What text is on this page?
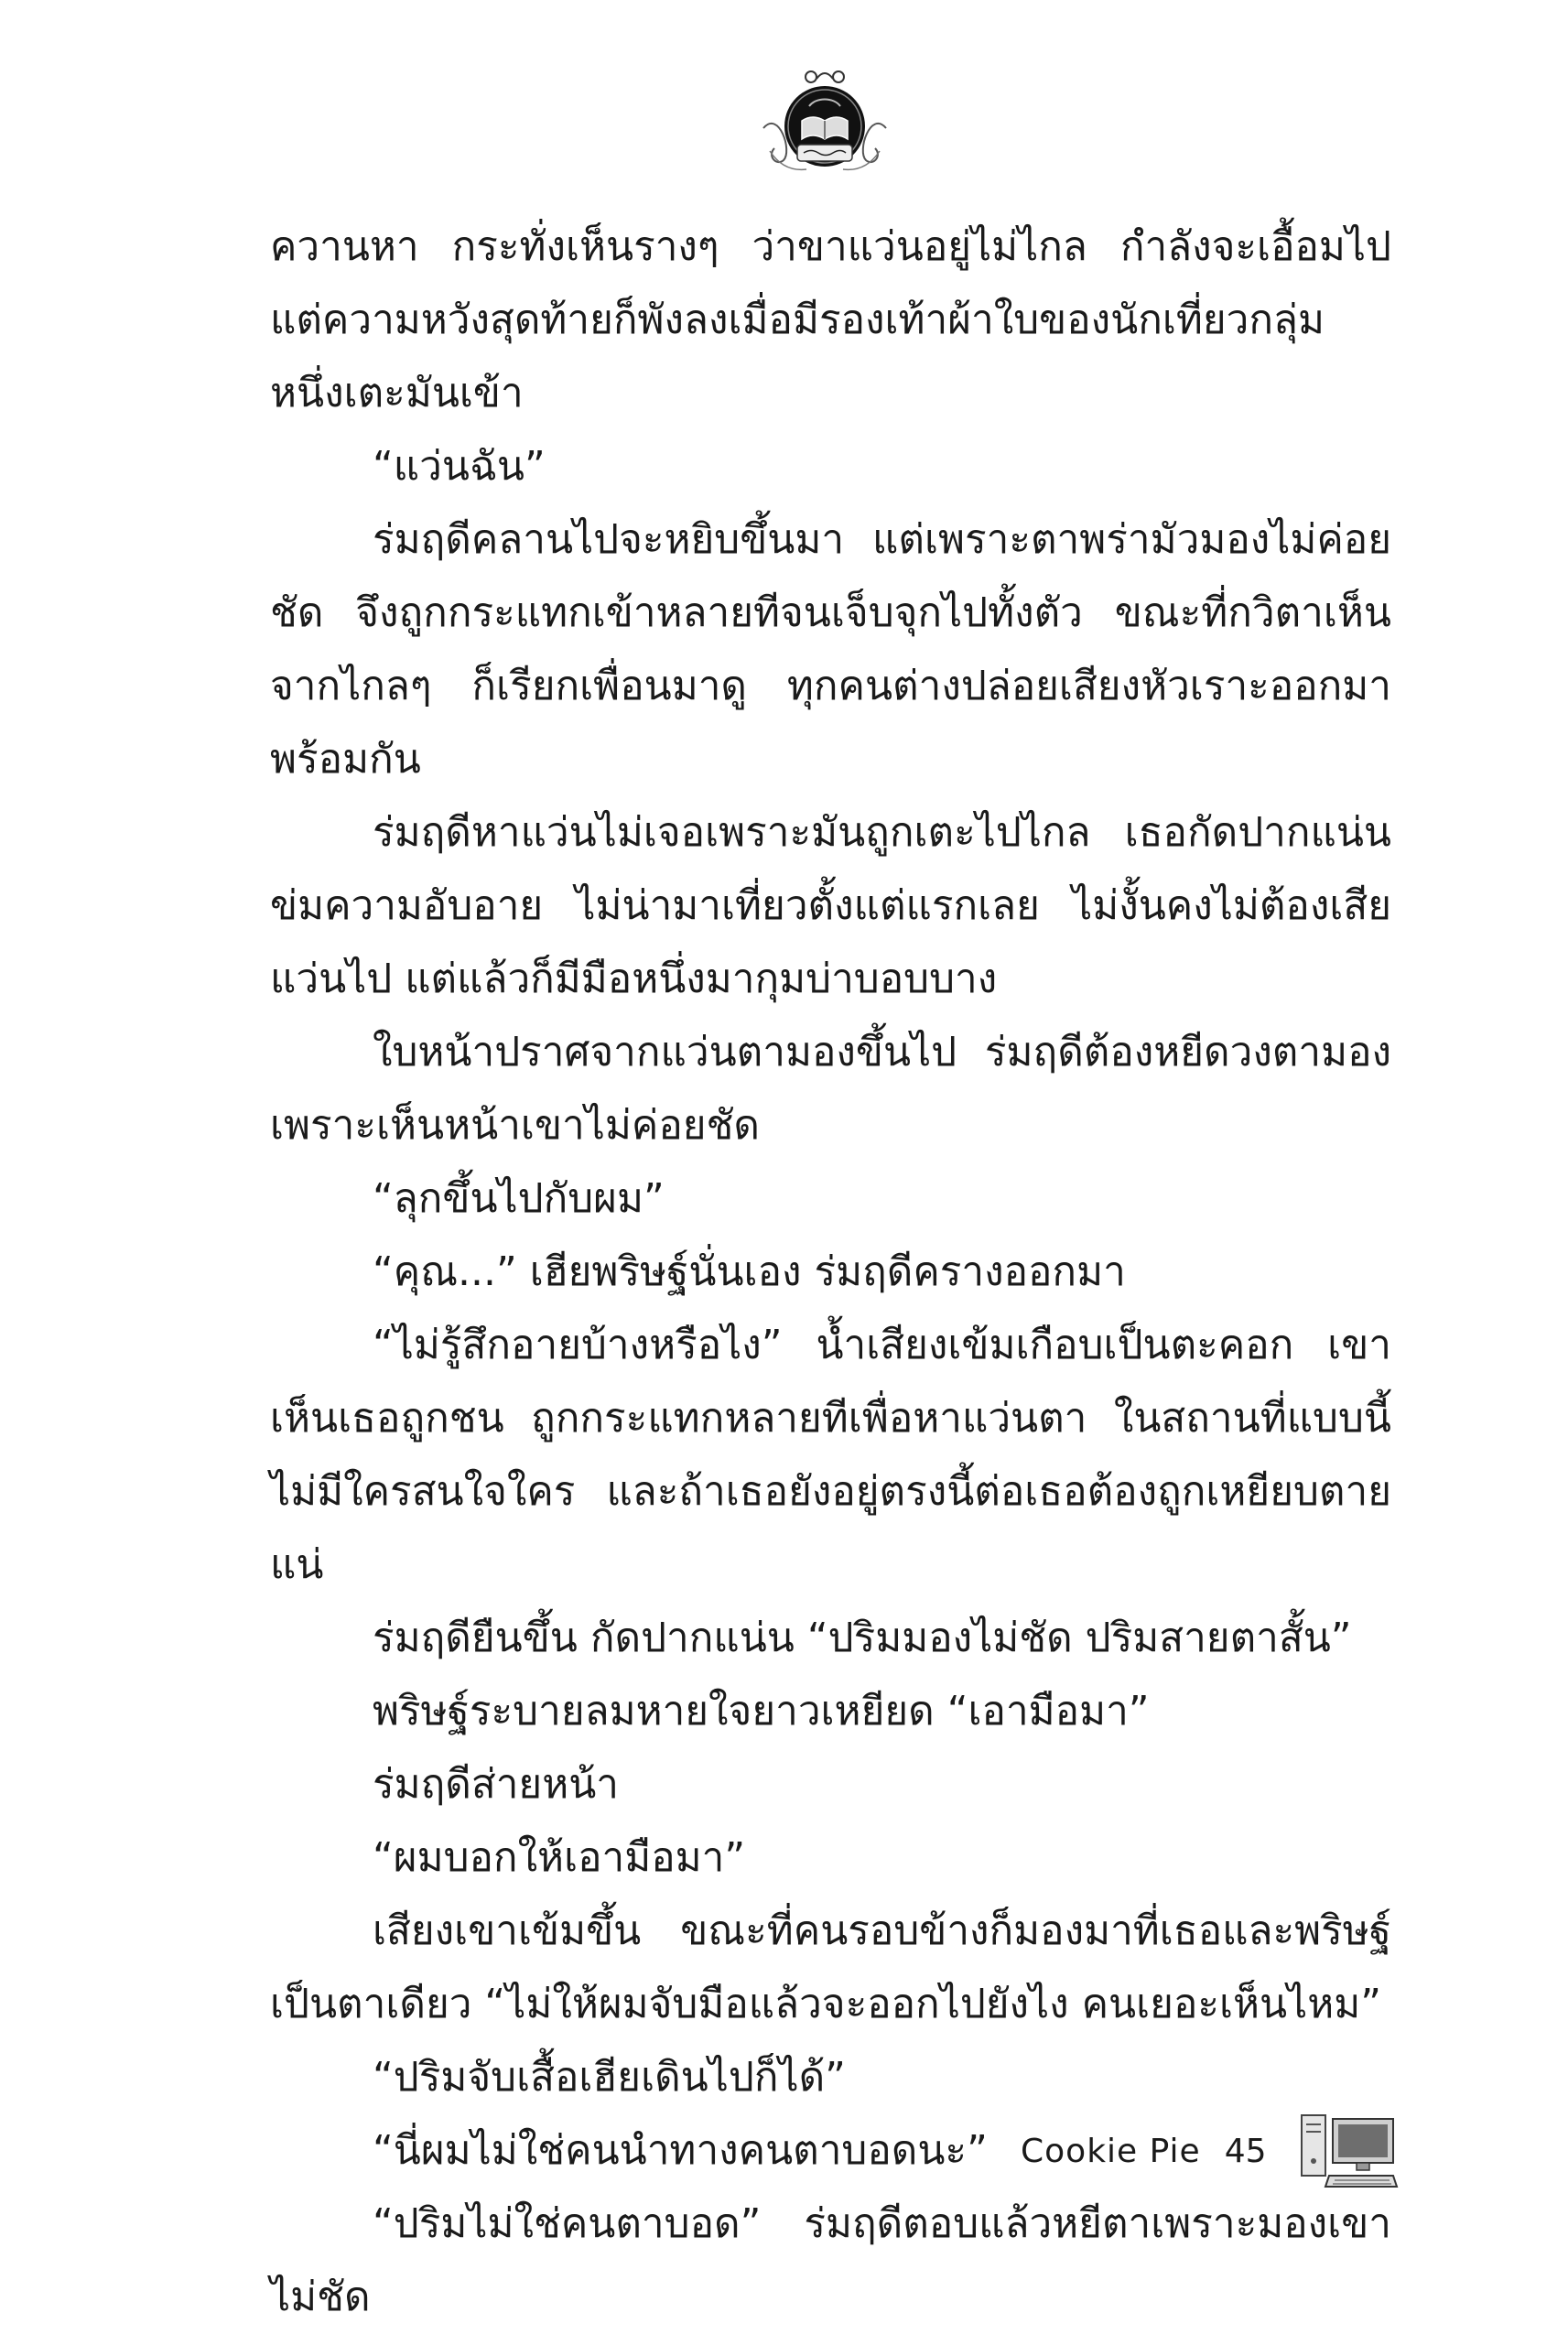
ควานหา กระทั่งเห็นรางๆ ว่าขาแว่นอยู่ไม่ไกล กำลังจะเอื้อมไป แต่ความหวังสุดท้ายก็พังลงเมื่อมีรองเท้าผ้าใบของนักเที่ยวกลุ่มหนึ่งเตะมันเข้า

“แว่นฉัน”

ร่มฤดีคลานไปจะหยิบขึ้นมา แต่เพราะตาพร่ามัวมองไม่ค่อยชัด จึงถูกกระแทกเข้าหลายทีจนเจ็บจุกไปทั้งตัว ขณะที่กวิตาเห็นจากไกลๆ ก็เรียกเพื่อนมาดู ทุกคนต่างปล่อยเสียงหัวเราะออกมาพร้อมกัน

ร่มฤดีหาแว่นไม่เจอเพราะมันถูกเตะไปไกล เธอกัดปากแน่น ข่มความอับอาย ไม่น่ามาเที่ยวตั้งแต่แรกเลย ไม่งั้นคงไม่ต้องเสียแว่นไป แต่แล้วก็มีมือหนึ่งมากุมบ่าบอบบาง

ใบหน้าปราศจากแว่นตามองขึ้นไป ร่มฤดีต้องหยีดวงตามองเพราะเห็นหน้าเขาไม่ค่อยชัด

“ลุกขึ้นไปกับผม”

“คุณ...” เฮียพริษฐ์นั่นเอง ร่มฤดีครางออกมา

“ไม่รู้สึกอายบ้างหรือไง” น้ำเสียงเข้มเกือบเป็นตะคอก เขาเห็นเธอถูกชน ถูกกระแทกหลายทีเพื่อหาแว่นตา ในสถานที่แบบนี้ไม่มีใครสนใจใคร และถ้าเธอยังอยู่ตรงนี้ต่อเธอต้องถูกเหยียบตายแน่

ร่มฤดียืนขึ้น กัดปากแน่น “ปริมมองไม่ชัด ปริมสายตาสั้น”

พริษฐ์ระบายลมหายใจยาวเหยียด “เอามือมา”

ร่มฤดีส่ายหน้า

“ผมบอกให้เอามือมา”

เสียงเขาเข้มขึ้น ขณะที่คนรอบข้างก็มองมาที่เธอและพริษฐ์เป็นตาเดียว “ไม่ให้ผมจับมือแล้วจะออกไปยังไง คนเยอะเห็นไหม”

“ปริมจับเสื้อเฮียเดินไปก็ได้”

“นี่ผมไม่ใช่คนนำทางคนตาบอดนะ”

“ปริมไม่ใช่คนตาบอด” ร่มฤดีตอบแล้วหยีตาเพราะมองเขาไม่ชัด

Cookie Pie 45
